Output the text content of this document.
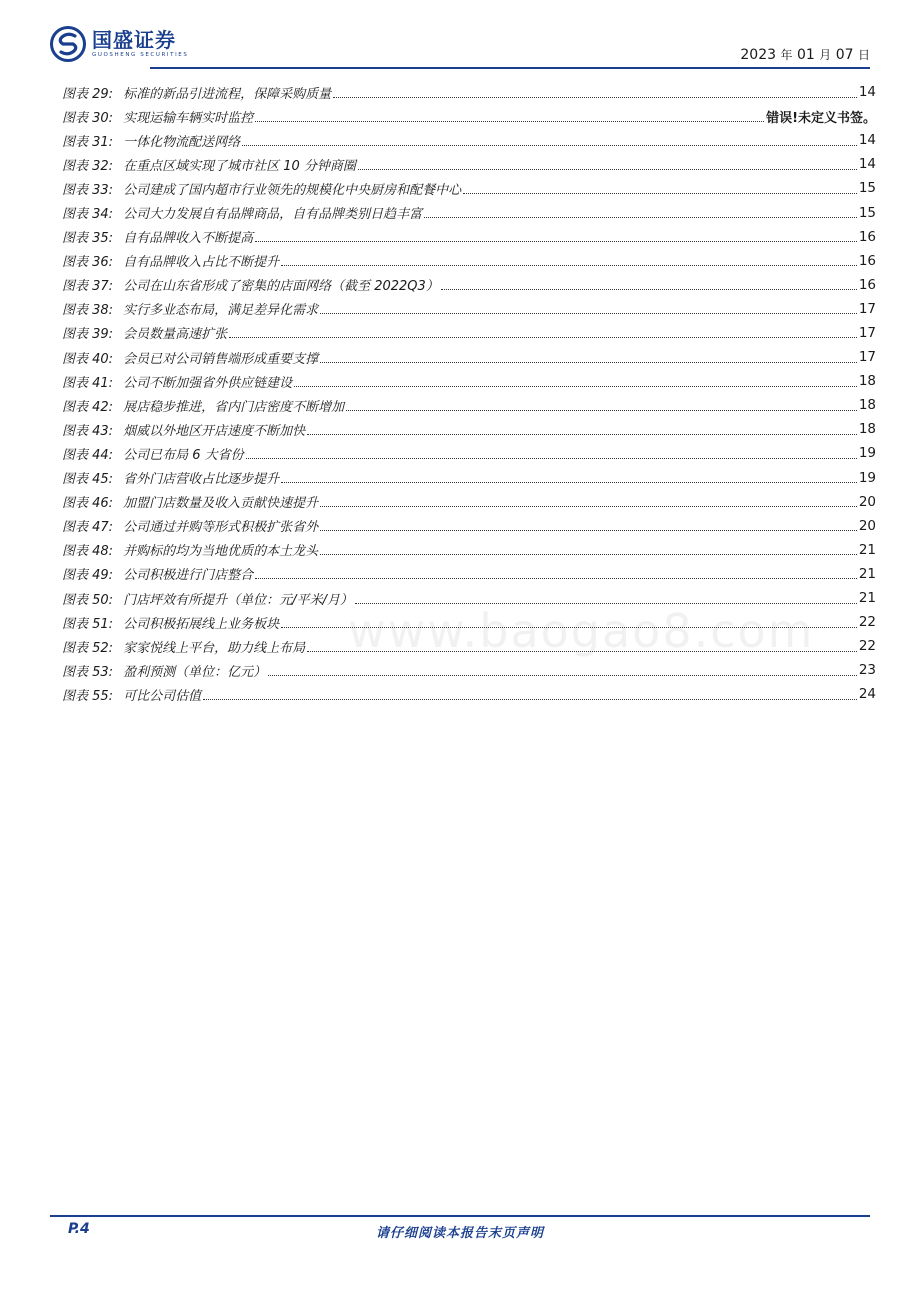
国盛证券
GUOSHENG SECURITIES	2023 年 01 月 07 日
图表 29: 标准的新品引进流程，保障采购质量	14
图表 30: 实现运输车辆实时监控	错误!未定义书签。
图表 31: 一体化物流配送网络	14
图表 32: 在重点区域实现了城市社区 10 分钟商圈	14
图表 33: 公司建成了国内超市行业领先的规模化中央厨房和配餐中心	15
图表 34: 公司大力发展自有品牌商品，自有品牌类别日趋丰富	15
图表 35: 自有品牌收入不断提高	16
图表 36: 自有品牌收入占比不断提升	16
图表 37: 公司在山东省形成了密集的店面网络（截至 2022Q3）	16
图表 38: 实行多业态布局，满足差异化需求	17
图表 39: 会员数量高速扩张	17
图表 40: 会员已对公司销售端形成重要支撑	17
图表 41: 公司不断加强省外供应链建设	18
图表 42: 展店稳步推进，省内门店密度不断增加	18
图表 43: 烟威以外地区开店速度不断加快	18
图表 44: 公司已布局 6 大省份	19
图表 45: 省外门店营收占比逐步提升	19
图表 46: 加盟门店数量及收入贡献快速提升	20
图表 47: 公司通过并购等形式积极扩张省外	20
图表 48: 并购标的均为当地优质的本土龙头	21
图表 49: 公司积极进行门店整合	21
图表 50: 门店坪效有所提升（单位：元/平米/月）	21
图表 51: 公司积极拓展线上业务板块	22
图表 52: 家家悦线上平台，助力线上布局	22
图表 53: 盈利预测（单位：亿元）	23
图表 55: 可比公司估值	24
www.baogao8.com
P.4	请仔细阅读本报告末页声明
